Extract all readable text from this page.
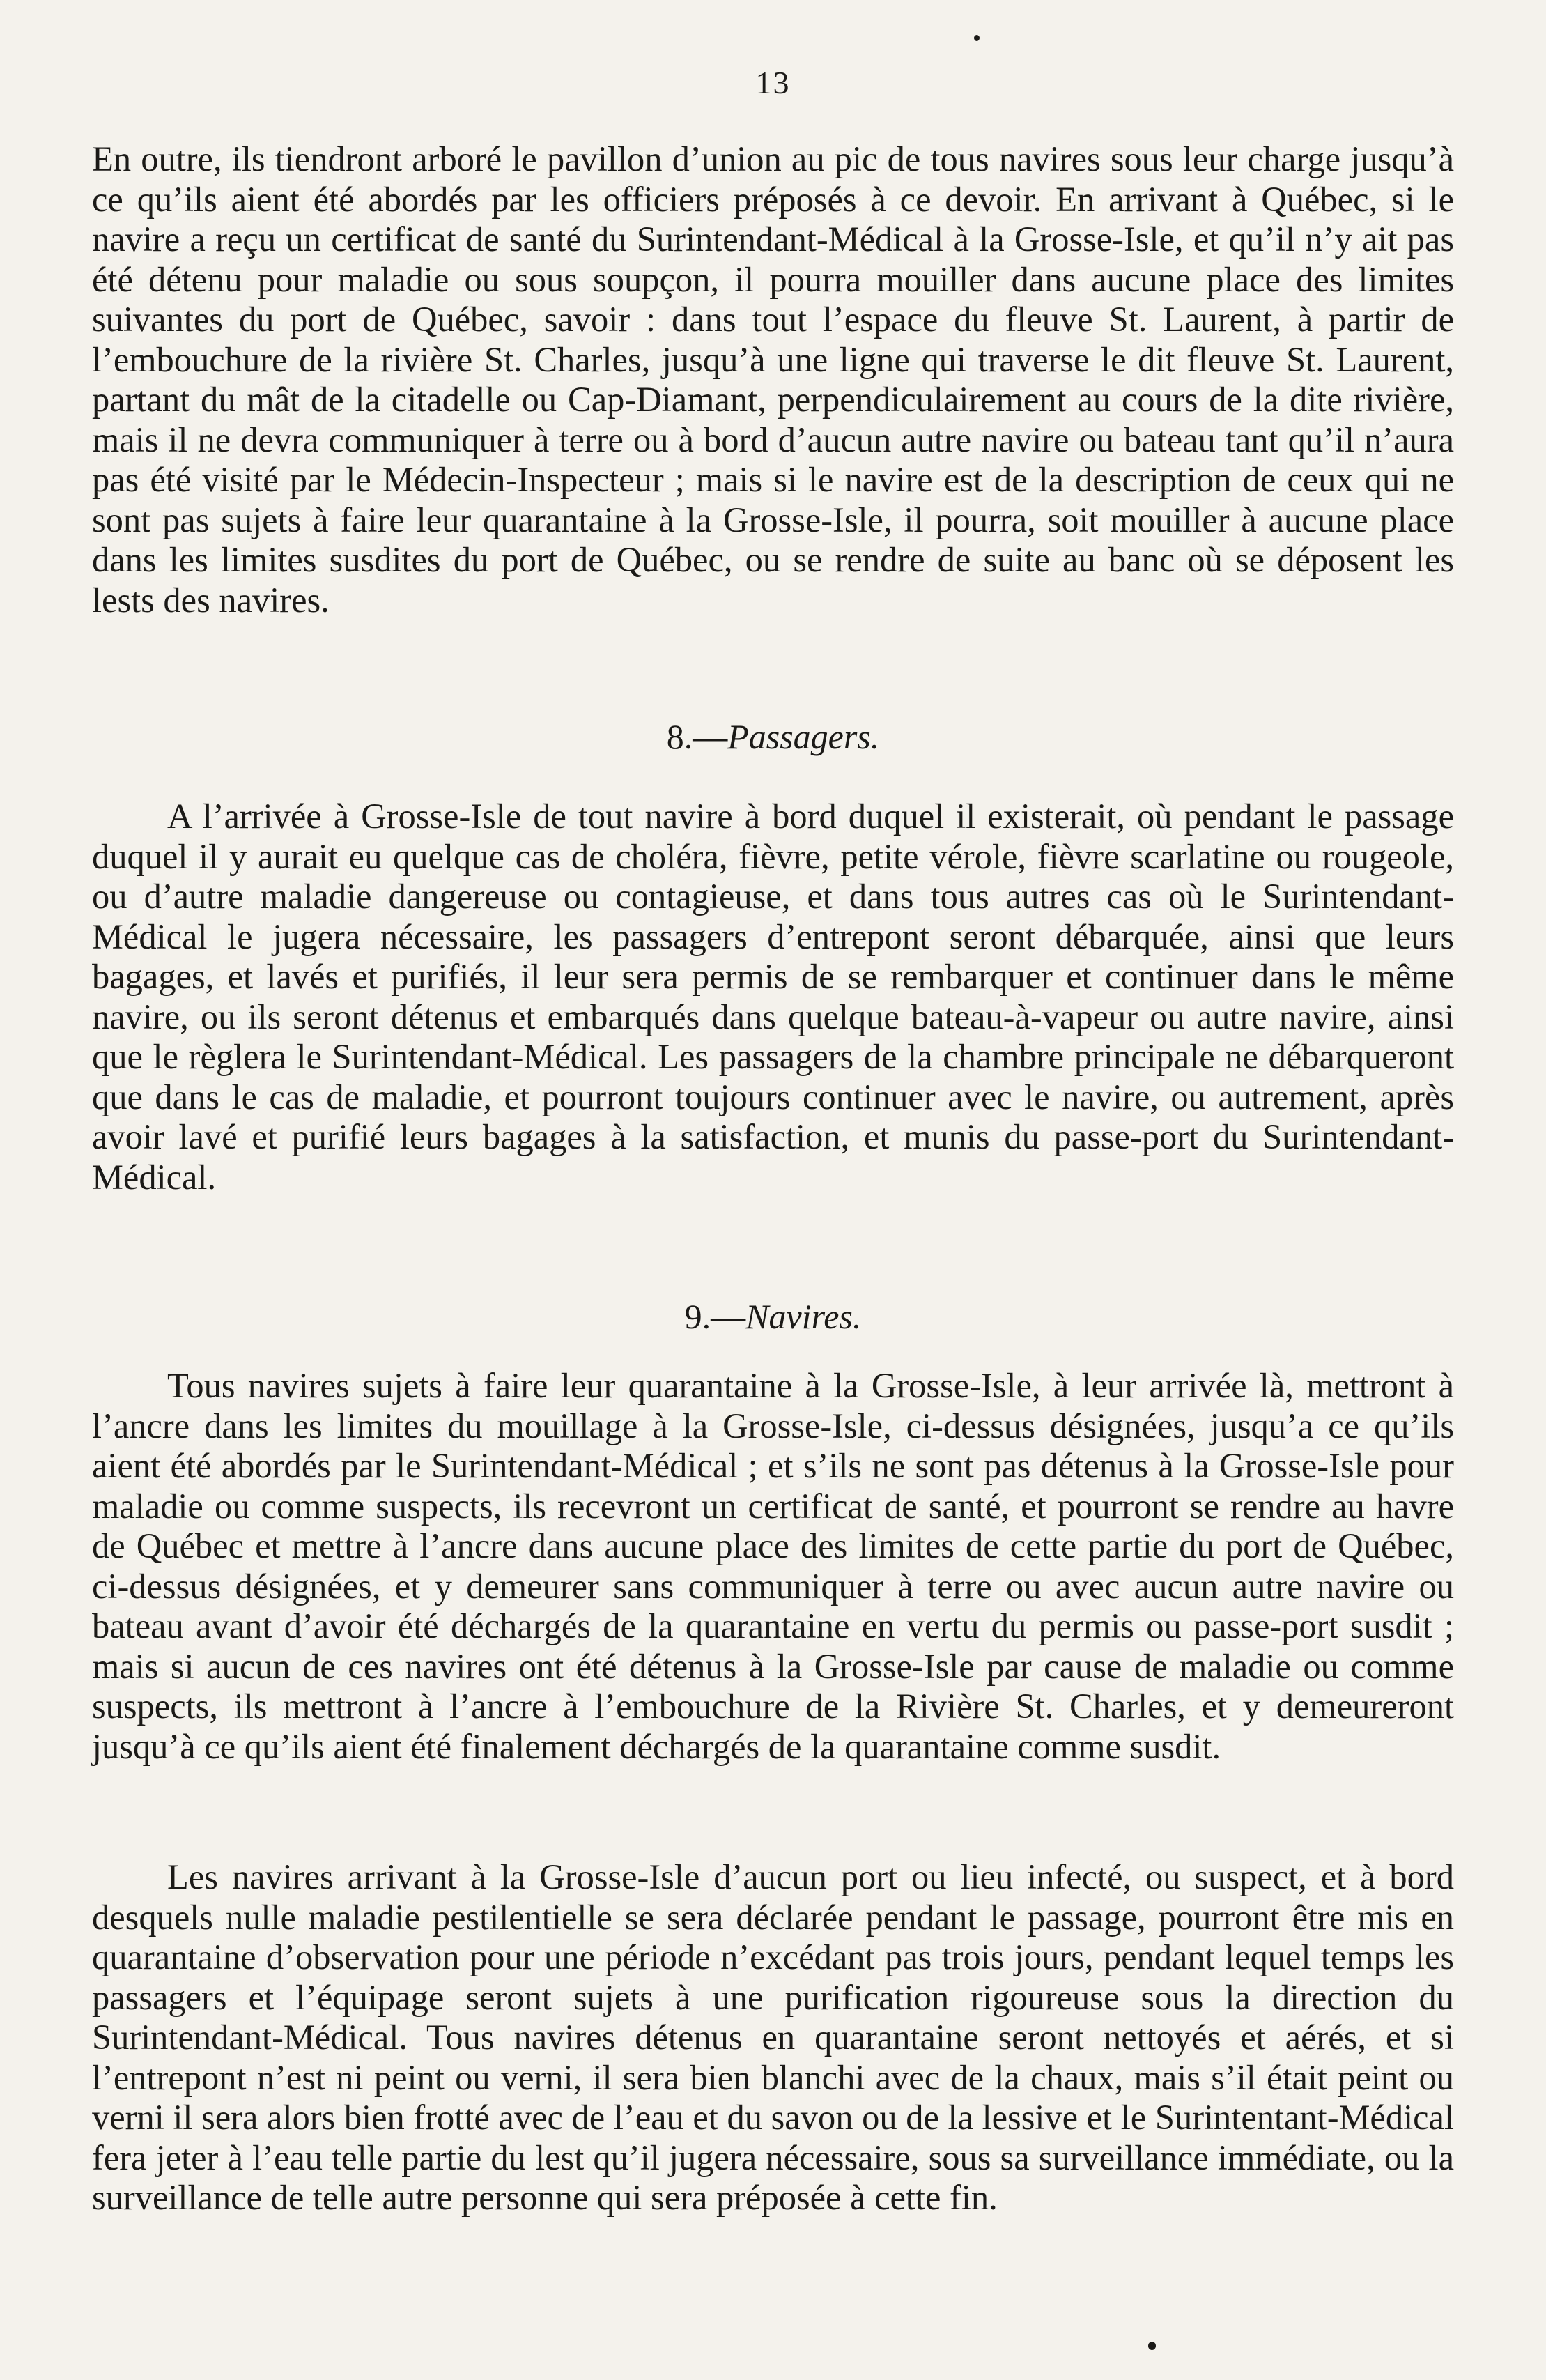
13

En outre, ils tiendront arboré le pavillon d’union au pic de tous navires sous leur charge jusqu’à ce qu’ils aient été abordés par les officiers préposés à ce devoir. En arrivant à Québec, si le navire a reçu un certificat de santé du Surintendant-Médical à la Grosse-Isle, et qu’il n’y ait pas été détenu pour maladie ou sous soupçon, il pourra mouiller dans aucune place des limites suivantes du port de Québec, savoir : dans tout l’espace du fleuve St. Laurent, à partir de l’embouchure de la rivière St. Charles, jusqu’à une ligne qui traverse le dit fleuve St. Laurent, partant du mât de la citadelle ou Cap-Diamant, perpendiculairement au cours de la dite rivière, mais il ne devra communiquer à terre ou à bord d’aucun autre navire ou bateau tant qu’il n’aura pas été visité par le Médecin-Inspecteur ; mais si le navire est de la description de ceux qui ne sont pas sujets à faire leur quarantaine à la Grosse-Isle, il pourra, soit mouiller à aucune place dans les limites susdites du port de Québec, ou se rendre de suite au banc où se déposent les lests des navires.

8.—Passagers.

A l’arrivée à Grosse-Isle de tout navire à bord duquel il existerait, où pendant le passage duquel il y aurait eu quelque cas de choléra, fièvre, petite vérole, fièvre scarlatine ou rougeole, ou d’autre maladie dangereuse ou contagieuse, et dans tous autres cas où le Surintendant-Médical le jugera nécessaire, les passagers d’entrepont seront débarquée, ainsi que leurs bagages, et lavés et purifiés, il leur sera permis de se rembarquer et continuer dans le même navire, ou ils seront détenus et embarqués dans quelque bateau-à-vapeur ou autre navire, ainsi que le règlera le Surintendant-Médical. Les passagers de la chambre principale ne débarqueront que dans le cas de maladie, et pourront toujours continuer avec le navire, ou autrement, après avoir lavé et purifié leurs bagages à la satisfaction, et munis du passe-port du Surintendant-Médical.

9.—Navires.

Tous navires sujets à faire leur quarantaine à la Grosse-Isle, à leur arrivée là, mettront à l’ancre dans les limites du mouillage à la Grosse-Isle, ci-dessus désignées, jusqu’a ce qu’ils aient été abordés par le Surintendant-Médical ; et s’ils ne sont pas détenus à la Grosse-Isle pour maladie ou comme suspects, ils recevront un certificat de santé, et pourront se rendre au havre de Québec et mettre à l’ancre dans aucune place des limites de cette partie du port de Québec, ci-dessus désignées, et y demeurer sans communiquer à terre ou avec aucun autre navire ou bateau avant d’avoir été déchargés de la quarantaine en vertu du permis ou passe-port susdit ; mais si aucun de ces navires ont été détenus à la Grosse-Isle par cause de maladie ou comme suspects, ils mettront à l’ancre à l’embouchure de la Rivière St. Charles, et y demeureront jusqu’à ce qu’ils aient été finalement déchargés de la quarantaine comme susdit.

Les navires arrivant à la Grosse-Isle d’aucun port ou lieu infecté, ou suspect, et à bord desquels nulle maladie pestilentielle se sera déclarée pendant le passage, pourront être mis en quarantaine d’observation pour une période n’excédant pas trois jours, pendant lequel temps les passagers et l’équipage seront sujets à une purification rigoureuse sous la direction du Surintendant-Médical. Tous navires détenus en quarantaine seront nettoyés et aérés, et si l’entrepont n’est ni peint ou verni, il sera bien blanchi avec de la chaux, mais s’il était peint ou verni il sera alors bien frotté avec de l’eau et du savon ou de la lessive et le Surintentant-Médical fera jeter à l’eau telle partie du lest qu’il jugera nécessaire, sous sa surveillance immédiate, ou la surveillance de telle autre personne qui sera préposée à cette fin.
